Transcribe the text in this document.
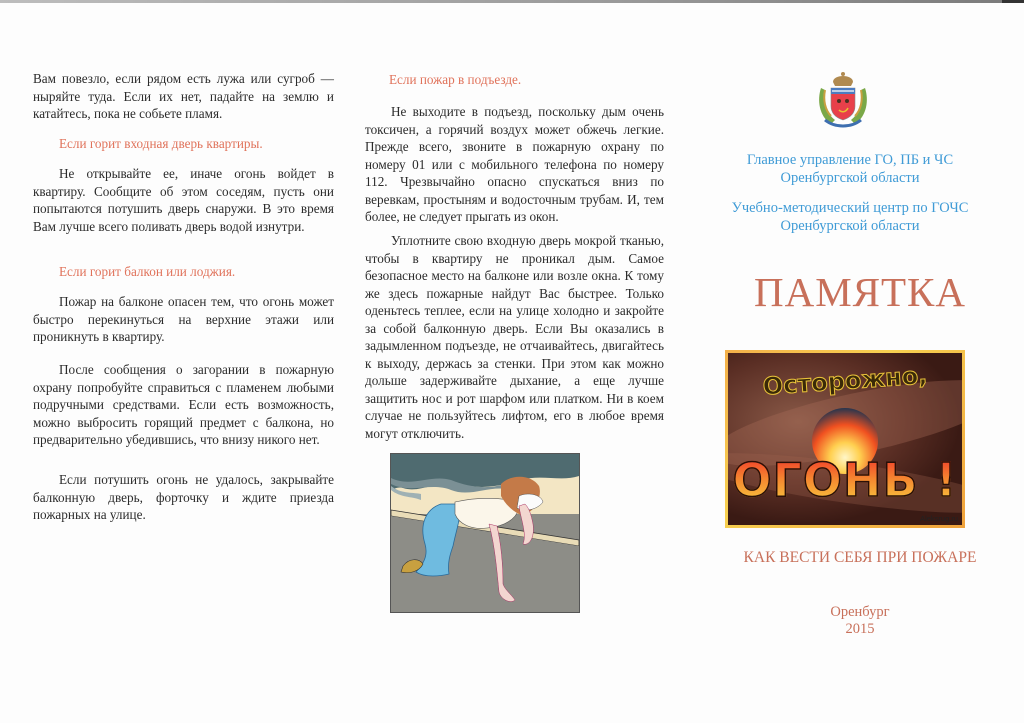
Вам повезло, если рядом есть лужа или сугроб — ныряйте туда. Если их нет, падайте на землю и катайтесь, пока не собьете пламя.

Если горит входная дверь квартиры.

Не открывайте ее, иначе огонь войдет в квартиру. Сообщите об этом соседям, пусть они попытаются потушить дверь снаружи. В это время Вам лучше всего поливать дверь водой изнутри.

Если горит балкон или лоджия.

Пожар на балконе опасен тем, что огонь может быстро перекинуться на верхние этажи или проникнуть в квартиру.

После сообщения о загорании в пожарную охрану попробуйте справиться с пламенем любыми подручными средствами. Если есть возможность, можно выбросить горящий предмет с балкона, но предварительно убедившись, что внизу никого нет.

Если потушить огонь не удалось, закрывайте балконную дверь, форточку и ждите приезда пожарных на улице.

Если пожар в подъезде.

Не выходите в подъезд, поскольку дым очень токсичен, а горячий воздух может обжечь легкие. Прежде всего, звоните в пожарную охрану по номеру 01 или с мобильного телефона по номеру 112. Чрезвычайно опасно спускаться вниз по веревкам, простыням и водосточным трубам. И, тем более, не следует прыгать из окон.

Уплотните свою входную дверь мокрой тканью, чтобы в квартиру не проникал дым. Самое безопасное место на балконе или возле окна. К тому же здесь пожарные найдут Вас быстрее. Только оденьтесь теплее, если на улице холодно и закройте за собой балконную дверь. Если Вы оказались в задымленном подъезде, не отчаивайтесь, двигайтесь к выходу, держась за стенки. При этом как можно дольше задерживайте дыхание, а еще лучше защитить нос и рот шарфом или платком. Ни в коем случае не пользуйтесь лифтом, его в любое время могут отключить.

Главное управление ГО, ПБ и ЧС

Оренбургской области

Учебно-методический центр по ГОЧС

Оренбургской области

ПАМЯТКА

Осторожно,
ОГОНЬ !
Aleksrug.ru

КАК ВЕСТИ СЕБЯ ПРИ ПОЖАРЕ

Оренбург
2015
